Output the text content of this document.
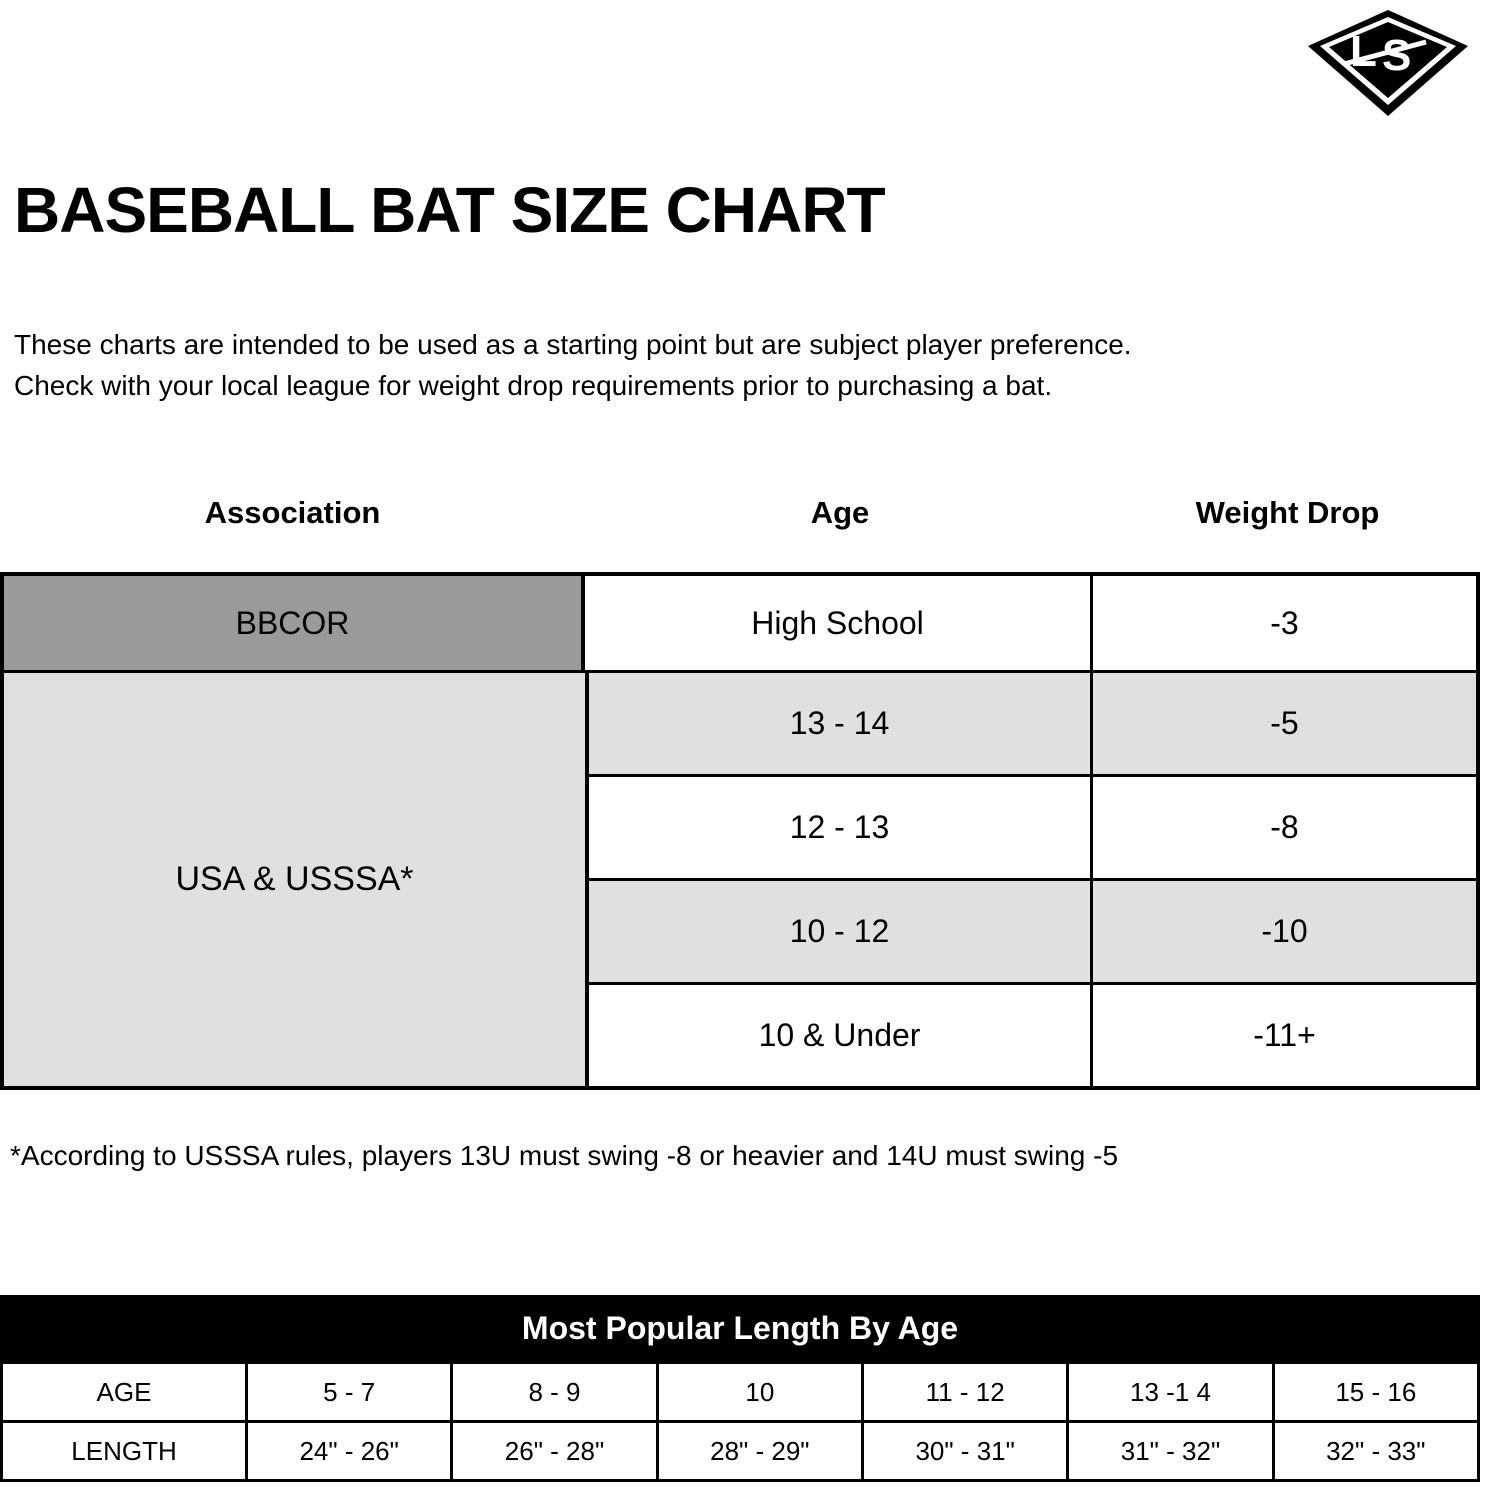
L S
BASEBALL BAT SIZE CHART
These charts are intended to be used as a starting point but are subject player preference.
Check with your local league for weight drop requirements prior to purchasing a bat.
Association	Age	Weight Drop
BBCOR	High School	-3
USA & USSSA*
13 - 14	-5
12 - 13	-8
10 - 12	-10
10 & Under	-11+
*According to USSSA rules, players 13U must swing -8 or heavier and 14U must swing -5
Most Popular Length By Age
AGE	5 - 7	8 - 9	10	11 - 12	13 -1 4	15 - 16
LENGTH	24" - 26"	26" - 28"	28" - 29"	30" - 31"	31" - 32"	32" - 33"
